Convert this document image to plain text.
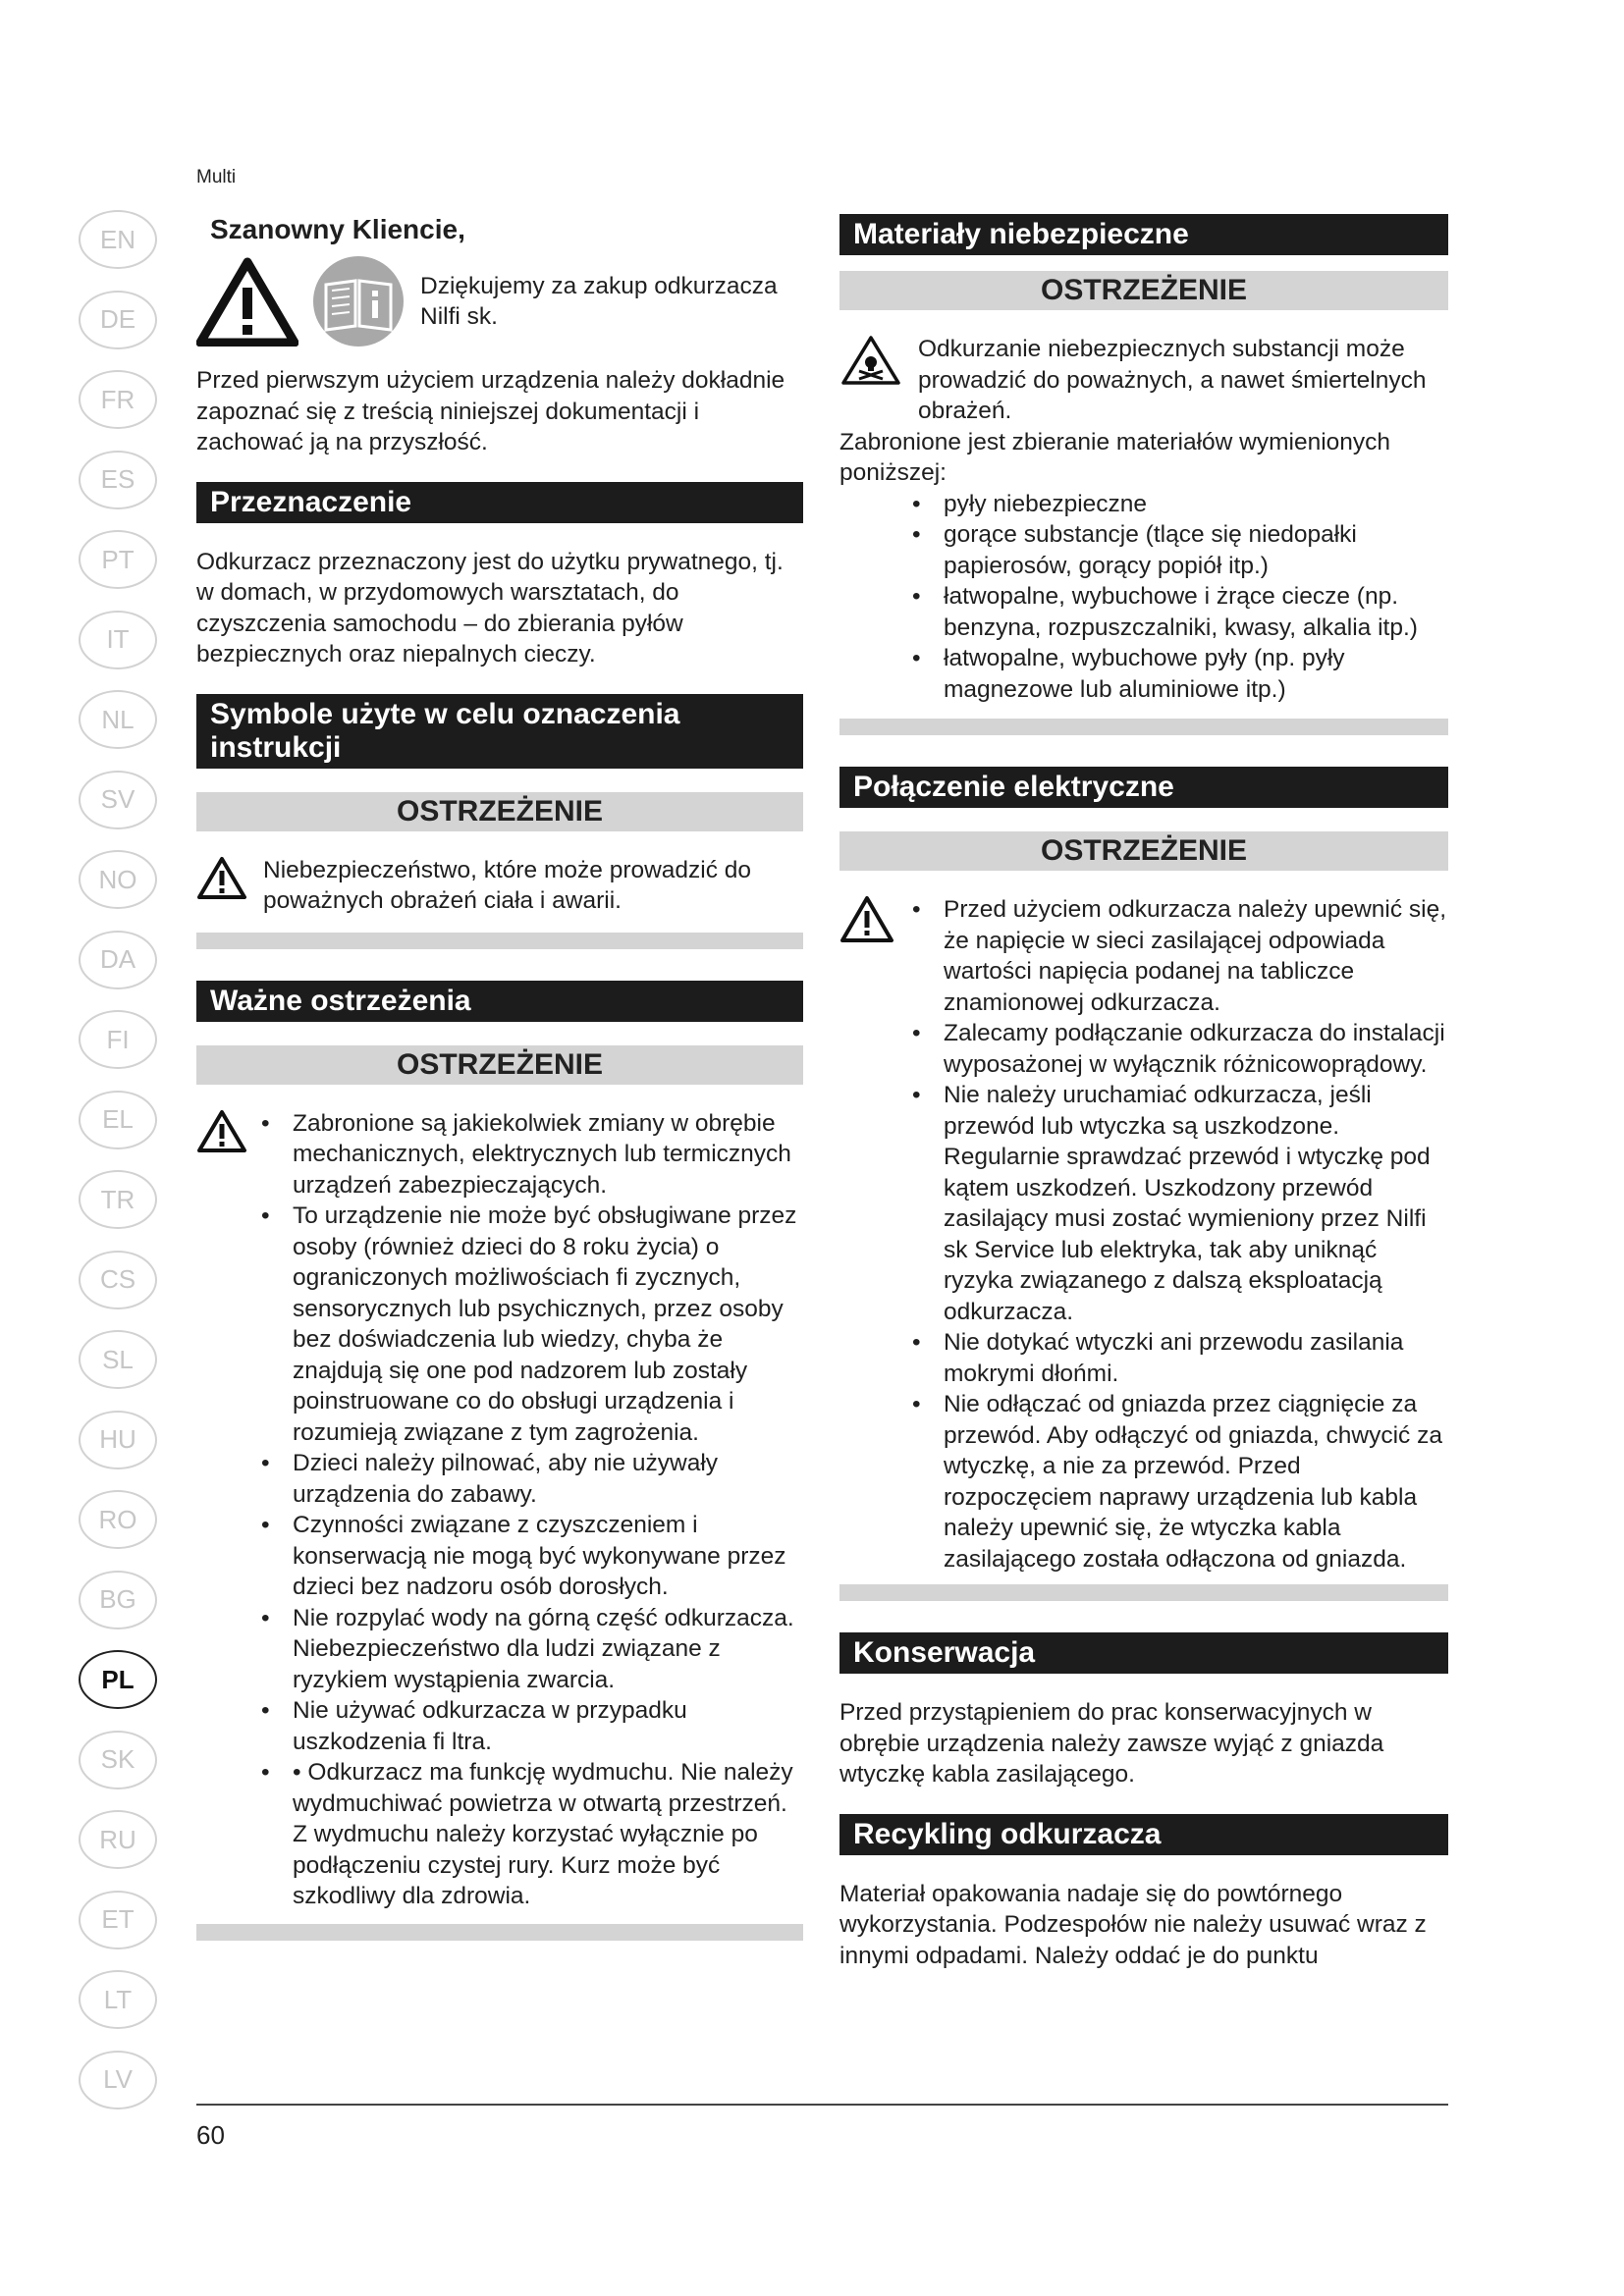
Multi
EN
DE
FR
ES
PT
IT
NL
SV
NO
DA
FI
EL
TR
CS
SL
HU
RO
BG
PL
SK
RU
ET
LT
LV

Szanowny Kliencie,

Dziękujemy za zakup odkurzacza Nilfi sk.

Przed pierwszym użyciem urządzenia należy dokładnie zapoznać się z treścią niniejszej dokumentacji i zachować ją na przyszłość.

Przeznaczenie

Odkurzacz przeznaczony jest do użytku prywatnego, tj. w domach, w przydomowych warsztatach, do czyszczenia samochodu – do zbierania pyłów bezpiecznych oraz niepalnych cieczy.

Symbole użyte w celu oznaczenia instrukcji
OSTRZEŻENIE

Niebezpieczeństwo, które może prowadzić do poważnych obrażeń ciała i awarii.

Ważne ostrzeżenia
OSTRZEŻENIE
• Zabronione są jakiekolwiek zmiany w obrębie mechanicznych, elektrycznych lub termicznych urządzeń zabezpieczających.
• To urządzenie nie może być obsługiwane przez osoby (również dzieci do 8 roku życia) o ograniczonych możliwościach fi zycznych, sensorycznych lub psychicznych, przez osoby bez doświadczenia lub wiedzy, chyba że znajdują się one pod nadzorem lub zostały poinstruowane co do obsługi urządzenia i rozumieją związane z tym zagrożenia.
• Dzieci należy pilnować, aby nie używały urządzenia do zabawy.
• Czynności związane z czyszczeniem i konserwacją nie mogą być wykonywane przez dzieci bez nadzoru osób dorosłych.
• Nie rozpylać wody na górną część odkurzacza. Niebezpieczeństwo dla ludzi związane z ryzykiem wystąpienia zwarcia.
• Nie używać odkurzacza w przypadku uszkodzenia fi ltra.
• • Odkurzacz ma funkcję wydmuchu. Nie należy wydmuchiwać powietrza w otwartą przestrzeń. Z wydmuchu należy korzystać wyłącznie po podłączeniu czystej rury. Kurz może być szkodliwy dla zdrowia.
Materiały niebezpieczne
OSTRZEŻENIE

Odkurzanie niebezpiecznych substancji może prowadzić do poważnych, a nawet śmiertelnych obrażeń.

Zabronione jest zbieranie materiałów wymienionych poniższej:

• pyły niebezpieczne
• gorące substancje (tlące się niedopałki papierosów, gorący popiół itp.)
• łatwopalne, wybuchowe i żrące ciecze (np. benzyna, rozpuszczalniki, kwasy, alkalia itp.)
• łatwopalne, wybuchowe pyły (np. pyły magnezowe lub aluminiowe itp.)
Połączenie elektryczne
OSTRZEŻENIE
• Przed użyciem odkurzacza należy upewnić się, że napięcie w sieci zasilającej odpowiada wartości napięcia podanej na tabliczce znamionowej odkurzacza.
• Zalecamy podłączanie odkurzacza do instalacji wyposażonej w wyłącznik różnicowoprądowy.
• Nie należy uruchamiać odkurzacza, jeśli przewód lub wtyczka są uszkodzone. Regularnie sprawdzać przewód i wtyczkę pod kątem uszkodzeń. Uszkodzony przewód zasilający musi zostać wymieniony przez Nilfi sk Service lub elektryka, tak aby uniknąć ryzyka związanego z dalszą eksploatacją odkurzacza.
• Nie dotykać wtyczki ani przewodu zasilania mokrymi dłońmi.
• Nie odłączać od gniazda przez ciągnięcie za przewód. Aby odłączyć od gniazda, chwycić za wtyczkę, a nie za przewód. Przed rozpoczęciem naprawy urządzenia lub kabla należy upewnić się, że wtyczka kabla zasilającego została odłączona od gniazda.
Konserwacja

Przed przystąpieniem do prac konserwacyjnych w obrębie urządzenia należy zawsze wyjąć z gniazda wtyczkę kabla zasilającego.

Recykling odkurzacza

Materiał opakowania nadaje się do powtórnego wykorzystania. Podzespołów nie należy usuwać wraz z innymi odpadami. Należy oddać je do punktu

60
